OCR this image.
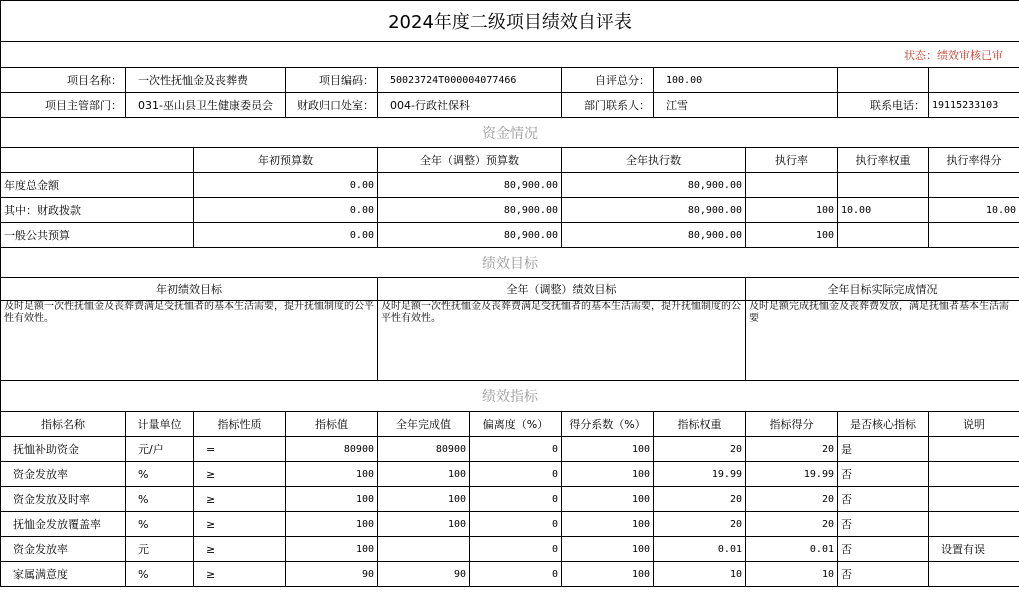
2024年度二级项目绩效自评表										
状态：绩效审核已审										
项目名称：	一次性抚恤金及丧葬费		项目编码：	50023724T000004077466		自评总分：	100.00			
项目主管部门：	031-巫山县卫生健康委员会		财政归口处室：	004-行政社保科		部门联系人：	江雪		联系电话：	19115233103
资金情况										
		年初预算数		全年（调整）预算数		全年执行数		执行率	执行率权重	执行率得分
年度总金额		0.00		80,900.00		80,900.00				
其中：财政拨款		0.00		80,900.00		80,900.00		100	10.00	10.00
一般公共预算		0.00		80,900.00		80,900.00		100		
绩效目标										
年初绩效目标				全年（调整）绩效目标				全年目标实际完成情况		
及时足额一次性抚恤金及丧葬费满足受抚恤者的基本生活需要，提升抚恤制度的公平性有效性。				及时足额一次性抚恤金及丧葬费满足受抚恤者的基本生活需要，提升抚恤制度的公平性有效性。				及时足额完成抚恤金及丧葬费发放，满足抚恤者基本生活需要		
绩效指标										
指标名称	计量单位	指标性质	指标值	全年完成值	偏离度（%）	得分系数（%）	指标权重	指标得分	是否核心指标	说明
抚恤补助资金	元/户	=	80900	80900	0	100	20	20	是	
资金发放率	%	≥	100	100	0	100	19.99	19.99	否	
资金发放及时率	%	≥	100	100	0	100	20	20	否	
抚恤金发放覆盖率	%	≥	100	100	0	100	20	20	否	
资金发放率	元	≥	100		0	100	0.01	0.01	否	设置有误
家属满意度	%	≥	90	90	0	100	10	10	否	
